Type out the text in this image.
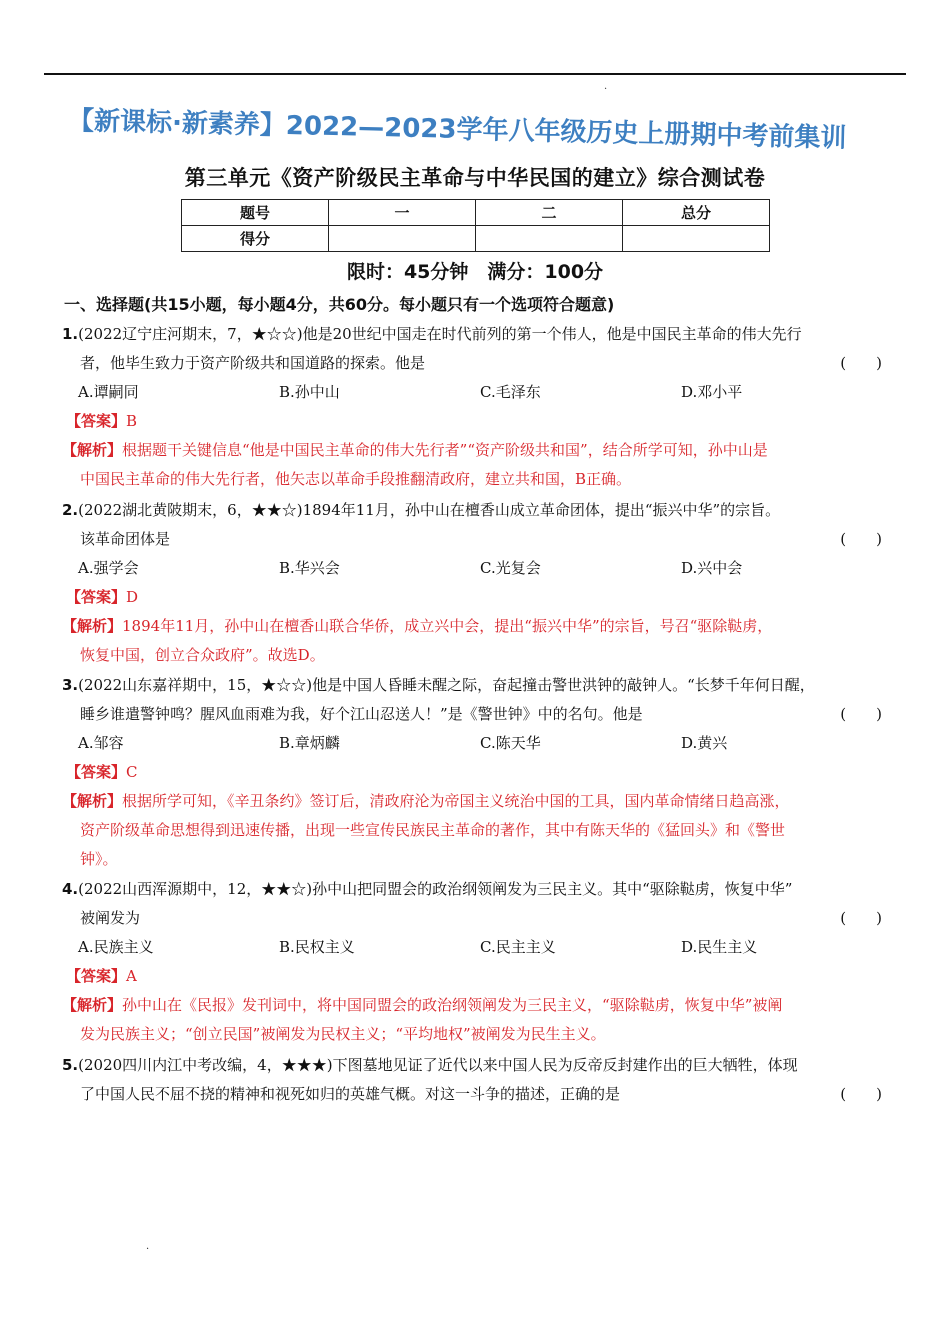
·
【新课标·新素养】2022—2023学年八年级历史上册期中考前集训
第三单元《资产阶级民主革命与中华民国的建立》综合测试卷
题号	一	二	总分
得分			
限时：45分钟　满分：100分
一、选择题(共15小题，每小题4分，共60分。每小题只有一个选项符合题意)
1.(2022辽宁庄河期末，7，★☆☆)他是20世纪中国走在时代前列的第一个伟人，他是中国民主革命的伟大先行
者，他毕生致力于资产阶级共和国道路的探索。他是	(　　)
A.谭嗣同	B.孙中山	C.毛泽东	D.邓小平
【答案】B
【解析】根据题干关键信息“他是中国民主革命的伟大先行者”“资产阶级共和国”，结合所学可知，孙中山是
中国民主革命的伟大先行者，他矢志以革命手段推翻清政府，建立共和国，B正确。
2.(2022湖北黄陂期末，6，★★☆)1894年11月，孙中山在檀香山成立革命团体，提出“振兴中华”的宗旨。
该革命团体是	(　　)
A.强学会	B.华兴会	C.光复会	D.兴中会
【答案】D
【解析】1894年11月，孙中山在檀香山联合华侨，成立兴中会，提出“振兴中华”的宗旨，号召“驱除鞑虏，
恢复中国，创立合众政府”。故选D。
3.(2022山东嘉祥期中，15，★☆☆)他是中国人昏睡未醒之际，奋起撞击警世洪钟的敲钟人。“长梦千年何日醒，
睡乡谁遣警钟鸣？腥风血雨难为我，好个江山忍送人！”是《警世钟》中的名句。他是	(　　)
A.邹容	B.章炳麟	C.陈天华	D.黄兴
【答案】C
【解析】根据所学可知，《辛丑条约》签订后，清政府沦为帝国主义统治中国的工具，国内革命情绪日趋高涨，
资产阶级革命思想得到迅速传播，出现一些宣传民族民主革命的著作，其中有陈天华的《猛回头》和《警世
钟》。
4.(2022山西浑源期中，12，★★☆)孙中山把同盟会的政治纲领阐发为三民主义。其中“驱除鞑虏，恢复中华”
被阐发为	(　　)
A.民族主义	B.民权主义	C.民主主义	D.民生主义
【答案】A
【解析】孙中山在《民报》发刊词中，将中国同盟会的政治纲领阐发为三民主义，“驱除鞑虏，恢复中华”被阐
发为民族主义；“创立民国”被阐发为民权主义；“平均地权”被阐发为民生主义。
5.(2020四川内江中考改编，4，★★★)下图墓地见证了近代以来中国人民为反帝反封建作出的巨大牺牲，体现
了中国人民不屈不挠的精神和视死如归的英雄气概。对这一斗争的描述，正确的是	(　　)
·
